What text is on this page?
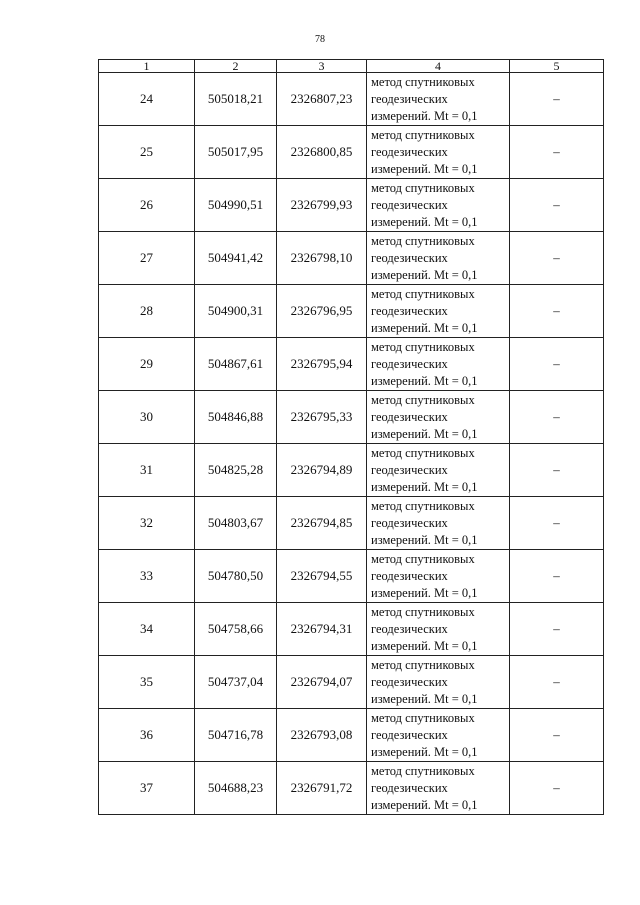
78
1	2	3	4	5
24	505018,21	2326807,23	метод спутниковых
геодезических
измерений. Mt = 0,1	–
25	505017,95	2326800,85	метод спутниковых
геодезических
измерений. Mt = 0,1	–
26	504990,51	2326799,93	метод спутниковых
геодезических
измерений. Mt = 0,1	–
27	504941,42	2326798,10	метод спутниковых
геодезических
измерений. Mt = 0,1	–
28	504900,31	2326796,95	метод спутниковых
геодезических
измерений. Mt = 0,1	–
29	504867,61	2326795,94	метод спутниковых
геодезических
измерений. Mt = 0,1	–
30	504846,88	2326795,33	метод спутниковых
геодезических
измерений. Mt = 0,1	–
31	504825,28	2326794,89	метод спутниковых
геодезических
измерений. Mt = 0,1	–
32	504803,67	2326794,85	метод спутниковых
геодезических
измерений. Mt = 0,1	–
33	504780,50	2326794,55	метод спутниковых
геодезических
измерений. Mt = 0,1	–
34	504758,66	2326794,31	метод спутниковых
геодезических
измерений. Mt = 0,1	–
35	504737,04	2326794,07	метод спутниковых
геодезических
измерений. Mt = 0,1	–
36	504716,78	2326793,08	метод спутниковых
геодезических
измерений. Mt = 0,1	–
37	504688,23	2326791,72	метод спутниковых
геодезических
измерений. Mt = 0,1	–
